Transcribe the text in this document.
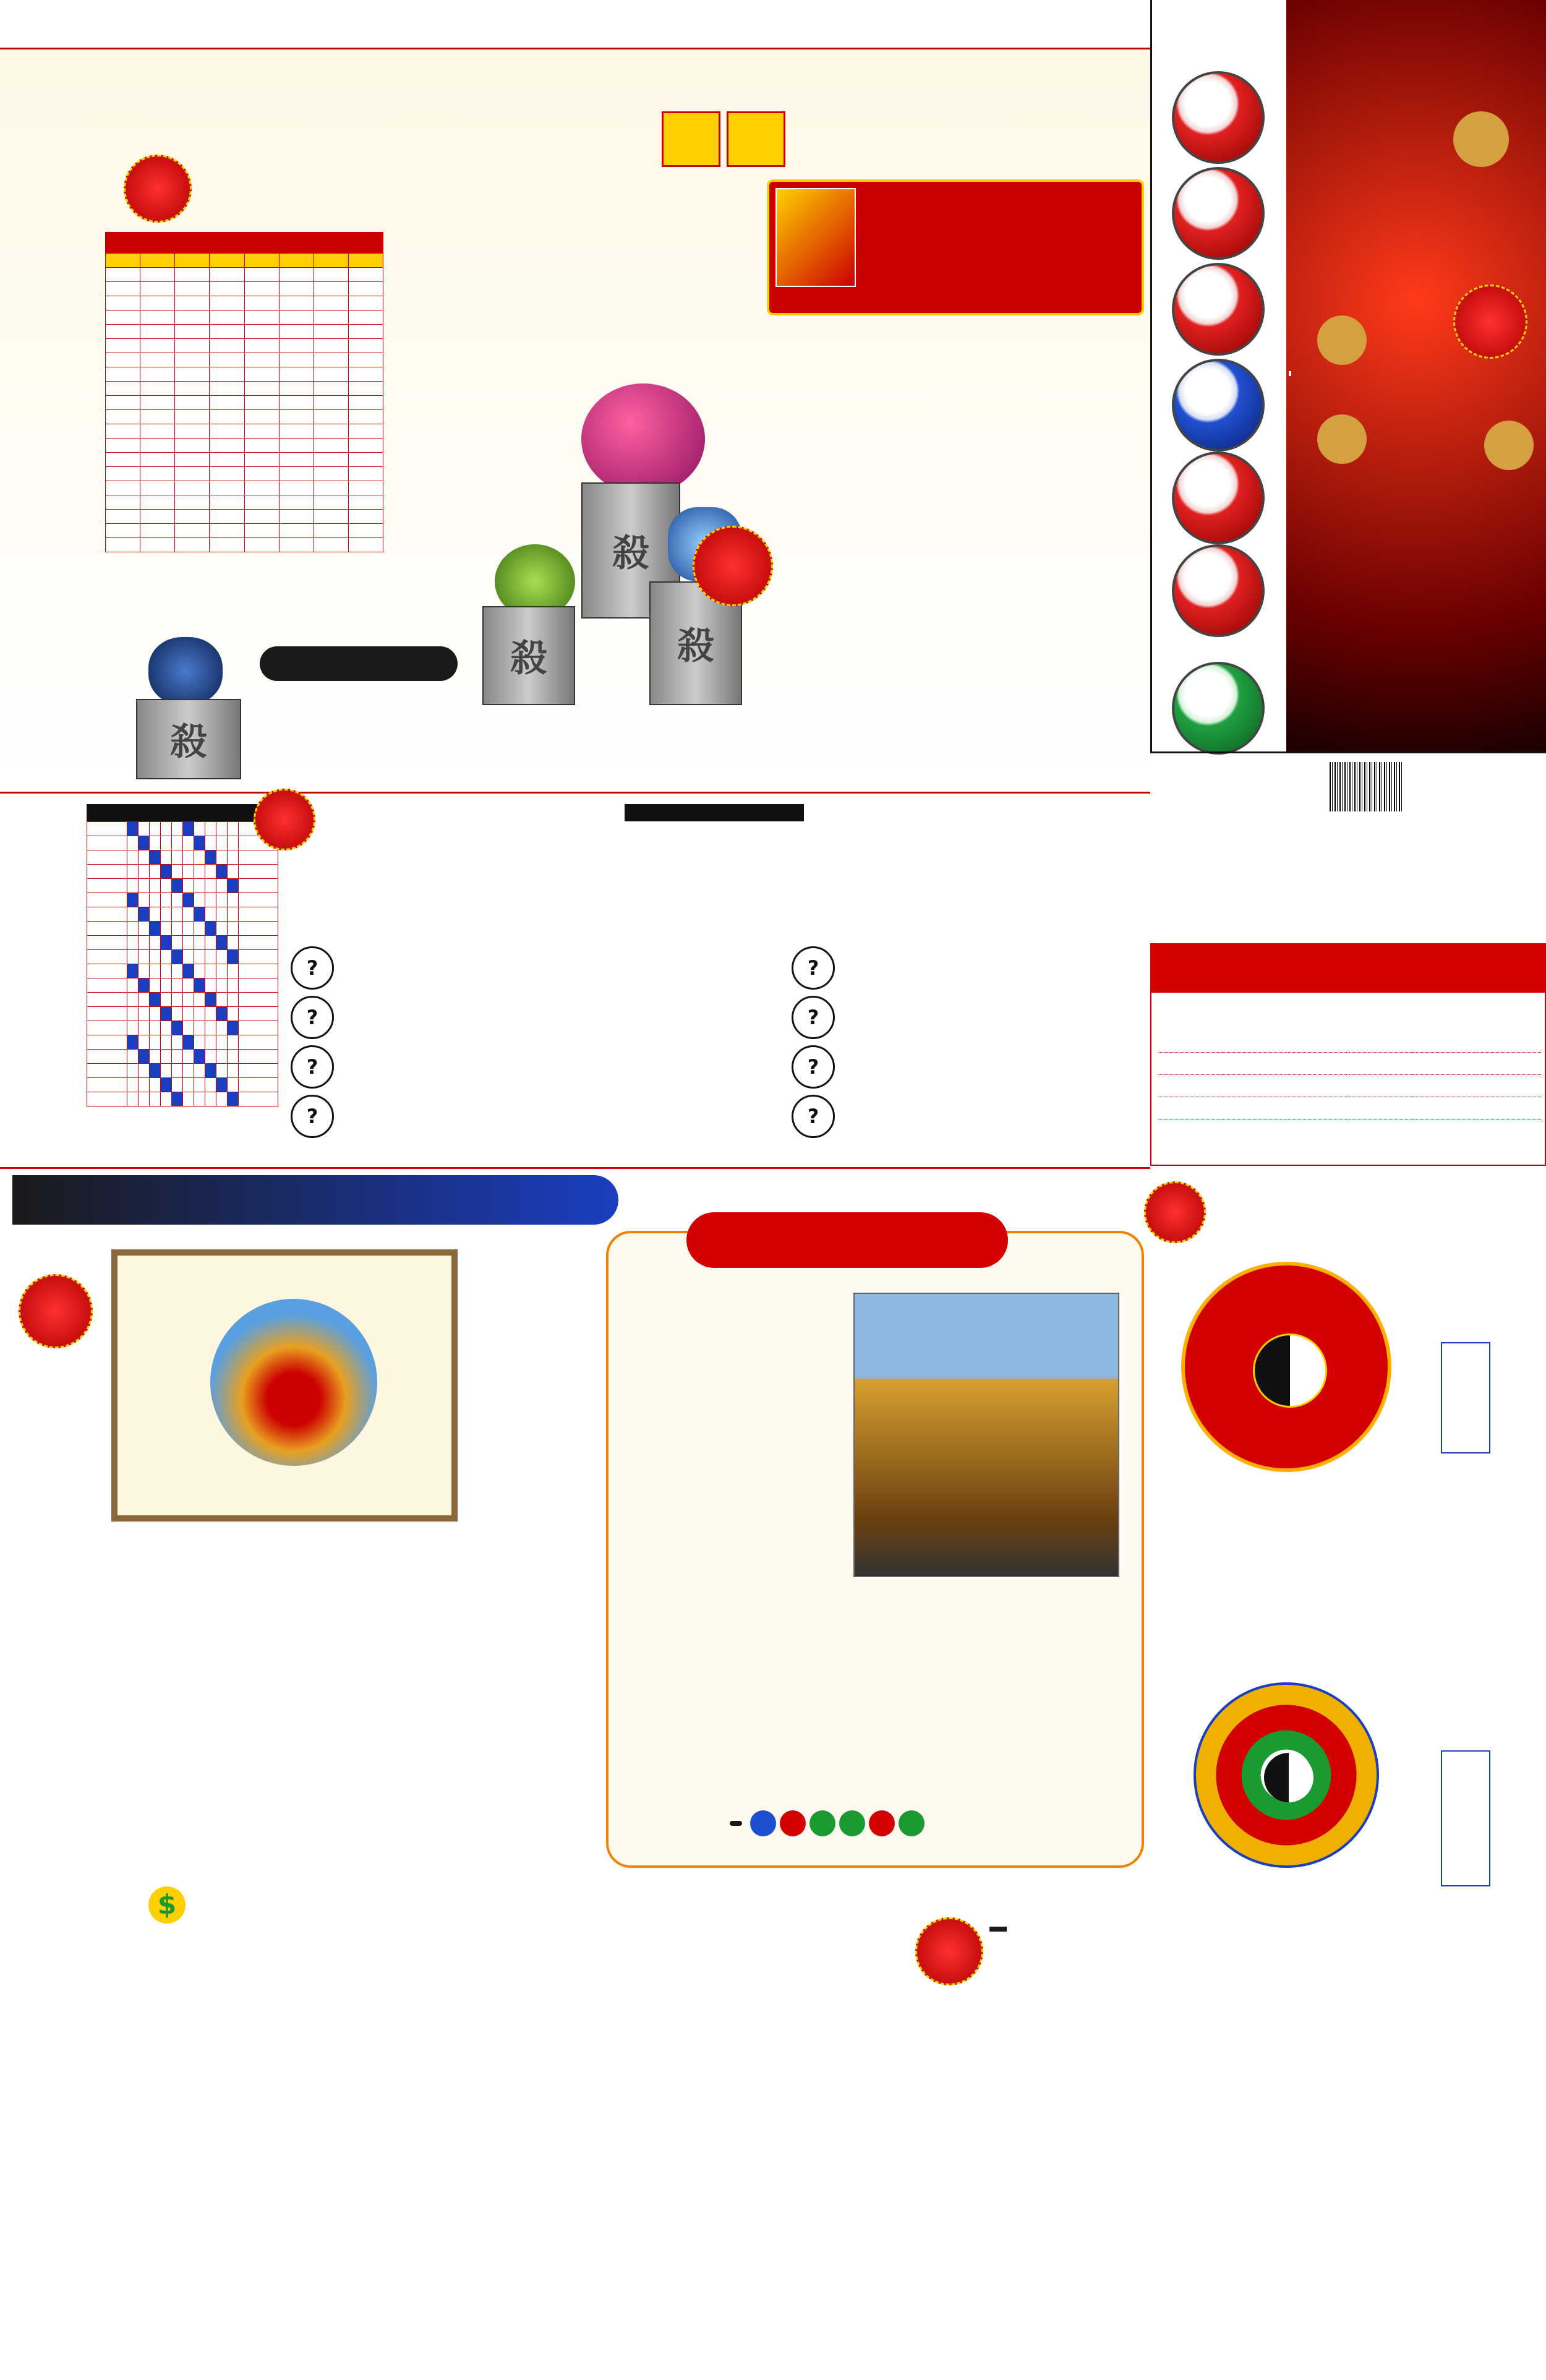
殺
殺
殺
殺

?
?
?
?
?
?
?
?
$
